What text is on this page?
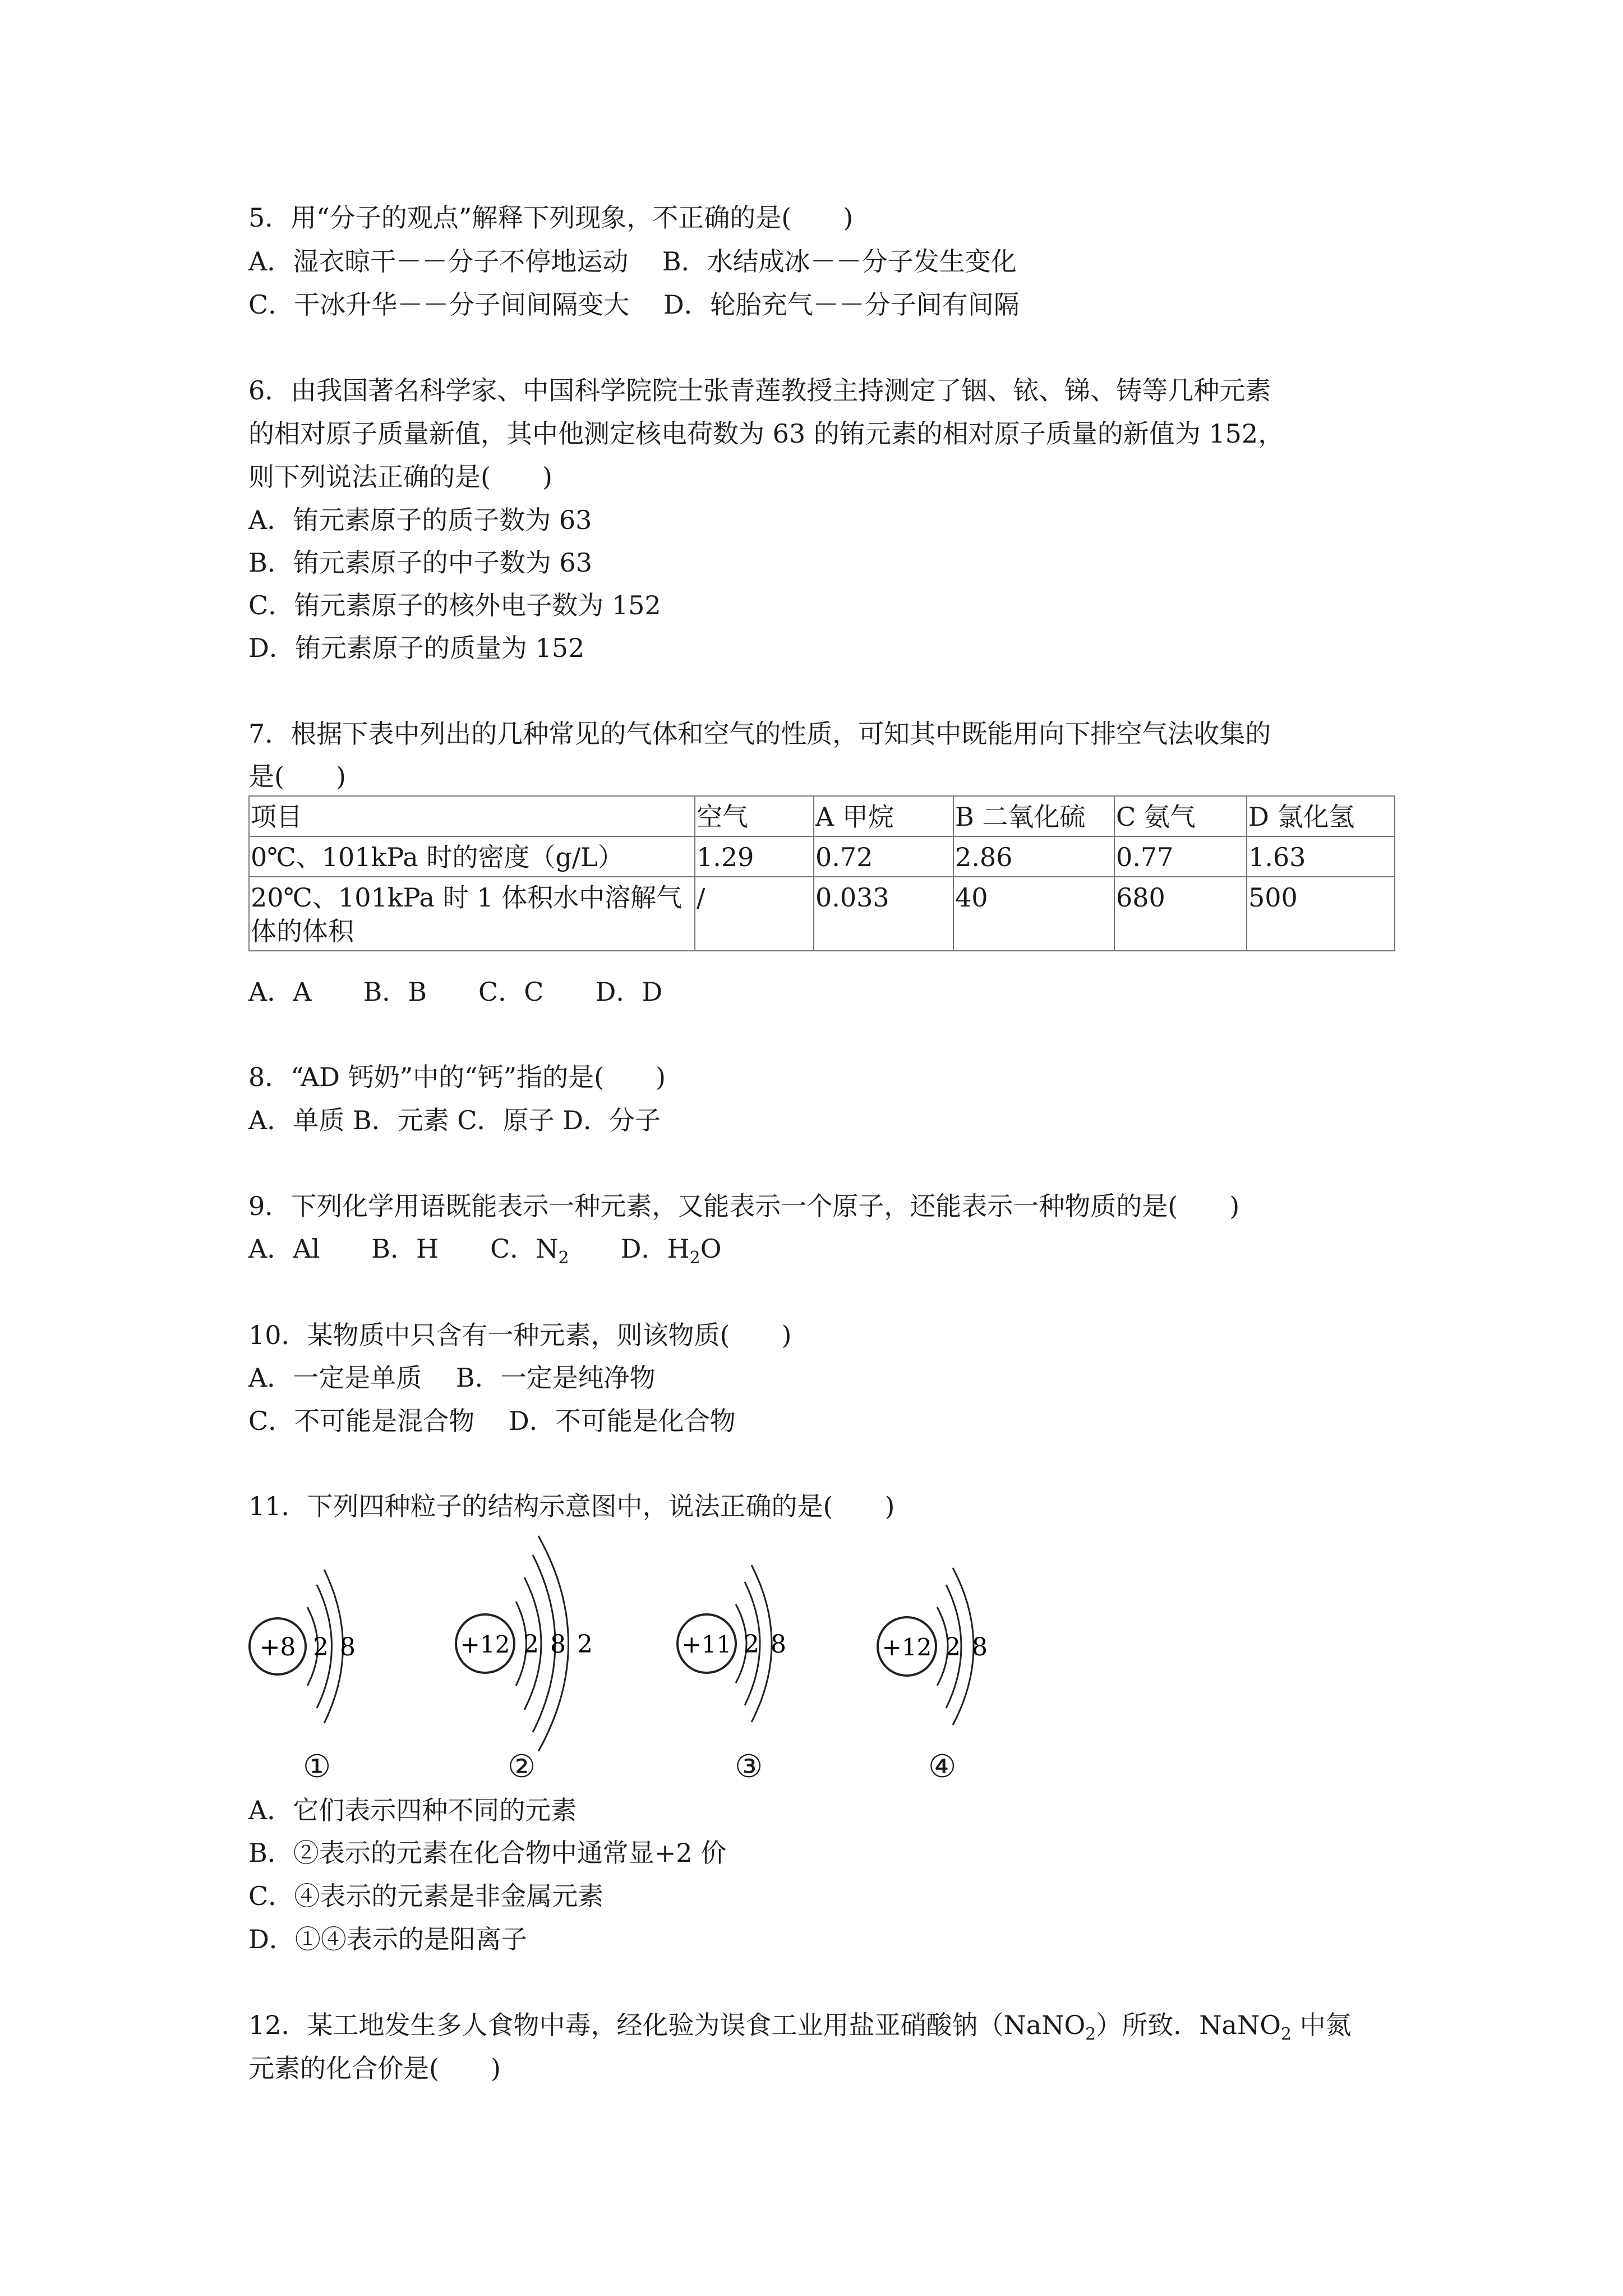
5．用“分子的观点”解释下列现象，不正确的是(　　)
A．湿衣晾干－－分子不停地运动　 B．水结成冰－－分子发生变化
C．干冰升华－－分子间间隔变大　 D．轮胎充气－－分子间有间隔
6．由我国著名科学家、中国科学院院士张青莲教授主持测定了铟、铱、锑、铸等几种元素
的相对原子质量新值，其中他测定核电荷数为 63 的铕元素的相对原子质量的新值为 152，
则下列说法正确的是(　　)
A．铕元素原子的质子数为 63
B．铕元素原子的中子数为 63
C．铕元素原子的核外电子数为 152
D．铕元素原子的质量为 152
7．根据下表中列出的几种常见的气体和空气的性质，可知其中既能用向下排空气法收集的
是(　　)
项目	空气	A 甲烷	B 二氧化硫	C 氨气	D 氯化氢
0℃、101kPa 时的密度（g/L）	1.29	0.72	2.86	0.77	1.63
20℃、101kPa 时 1 体积水中溶解气
体的体积	/	0.033	40	680	500
A．A　　B．B　　C．C　　D．D
8．“AD 钙奶”中的“钙”指的是(　　)
A．单质 B．元素 C．原子 D．分子
9．下列化学用语既能表示一种元素，又能表示一个原子，还能表示一种物质的是(　　)
A．Al　　 B．H　　 C．$N_2$　　 D．$H_2O$
10．某物质中只含有一种元素，则该物质(　　)
A．一定是单质　 B．一定是纯净物
C．不可能是混合物　 D．不可能是化合物
11．下列四种粒子的结构示意图中，说法正确的是(　　)
+8 2 8
①
+12 2 8 2
②
+11 2 8
③
+12 2 8
④
A．它们表示四种不同的元素
B．②表示的元素在化合物中通常显+2 价
C．④表示的元素是非金属元素
D．①④表示的是阳离子
12．某工地发生多人食物中毒，经化验为误食工业用盐亚硝酸钠（NaNO$_2$）所致．NaNO$_2$ 中氮
元素的化合价是(　　)
